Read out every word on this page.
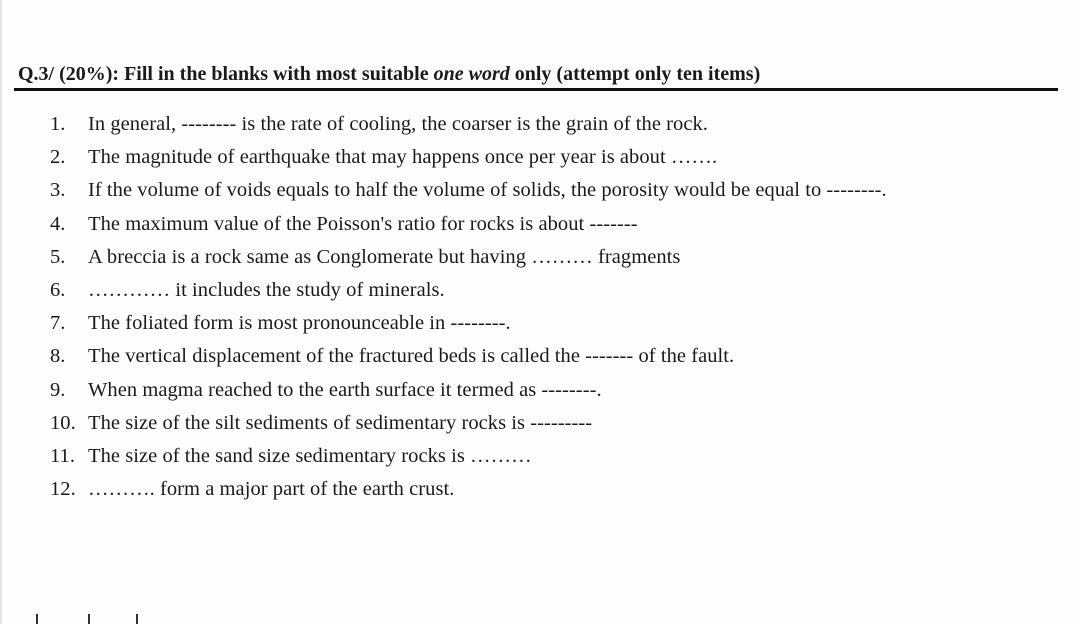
Q.3/ (20%): Fill in the blanks with most suitable one word only (attempt only ten items)
1.	In general, -------- is the rate of cooling, the coarser is the grain of the rock.
2.	The magnitude of earthquake that may happens once per year is about …….
3.	If the volume of voids equals to half the volume of solids, the porosity would be equal to --------.
4.	The maximum value of the Poisson's ratio for rocks is about -------
5.	A breccia is a rock same as Conglomerate but having ……… fragments
6.	………… it includes the study of minerals.
7.	The foliated form is most pronounceable in --------.
8.	The vertical displacement of the fractured beds is called the ------- of the fault.
9.	When magma reached to the earth surface it termed as --------.
10. The size of the silt sediments of sedimentary rocks is ---------
11. The size of the sand size sedimentary rocks is ………
12. ………. form a major part of the earth crust.
